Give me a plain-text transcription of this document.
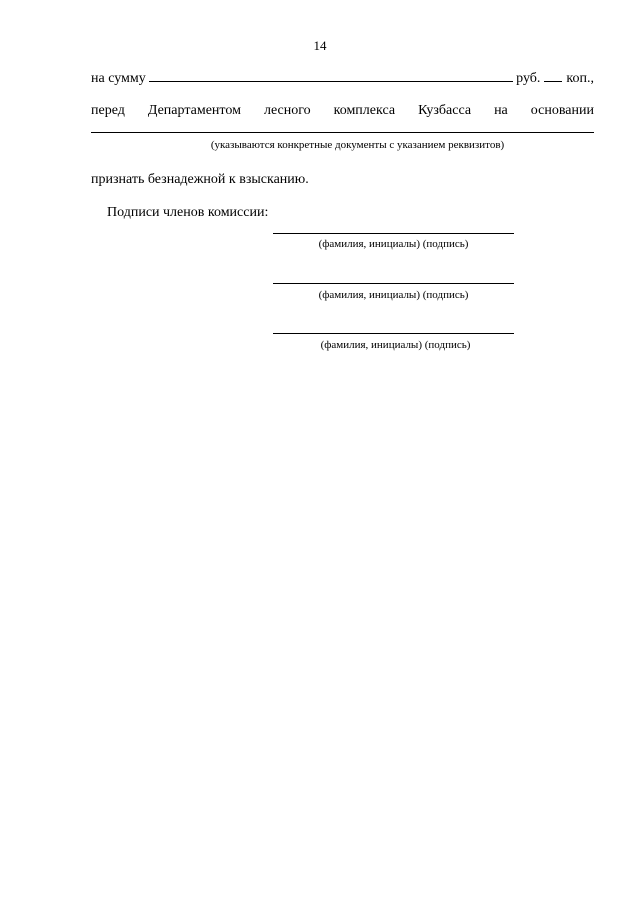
14
на сумму	руб. коп.,
перед Департаментом лесного комплекса Кузбасса на основании
(указываются конкретные документы с указанием реквизитов)
признать безнадежной к взысканию.
Подписи членов комиссии:
(фамилия, инициалы) (подпись)
(фамилия, инициалы) (подпись)
(фамилия, инициалы) (подпись)
